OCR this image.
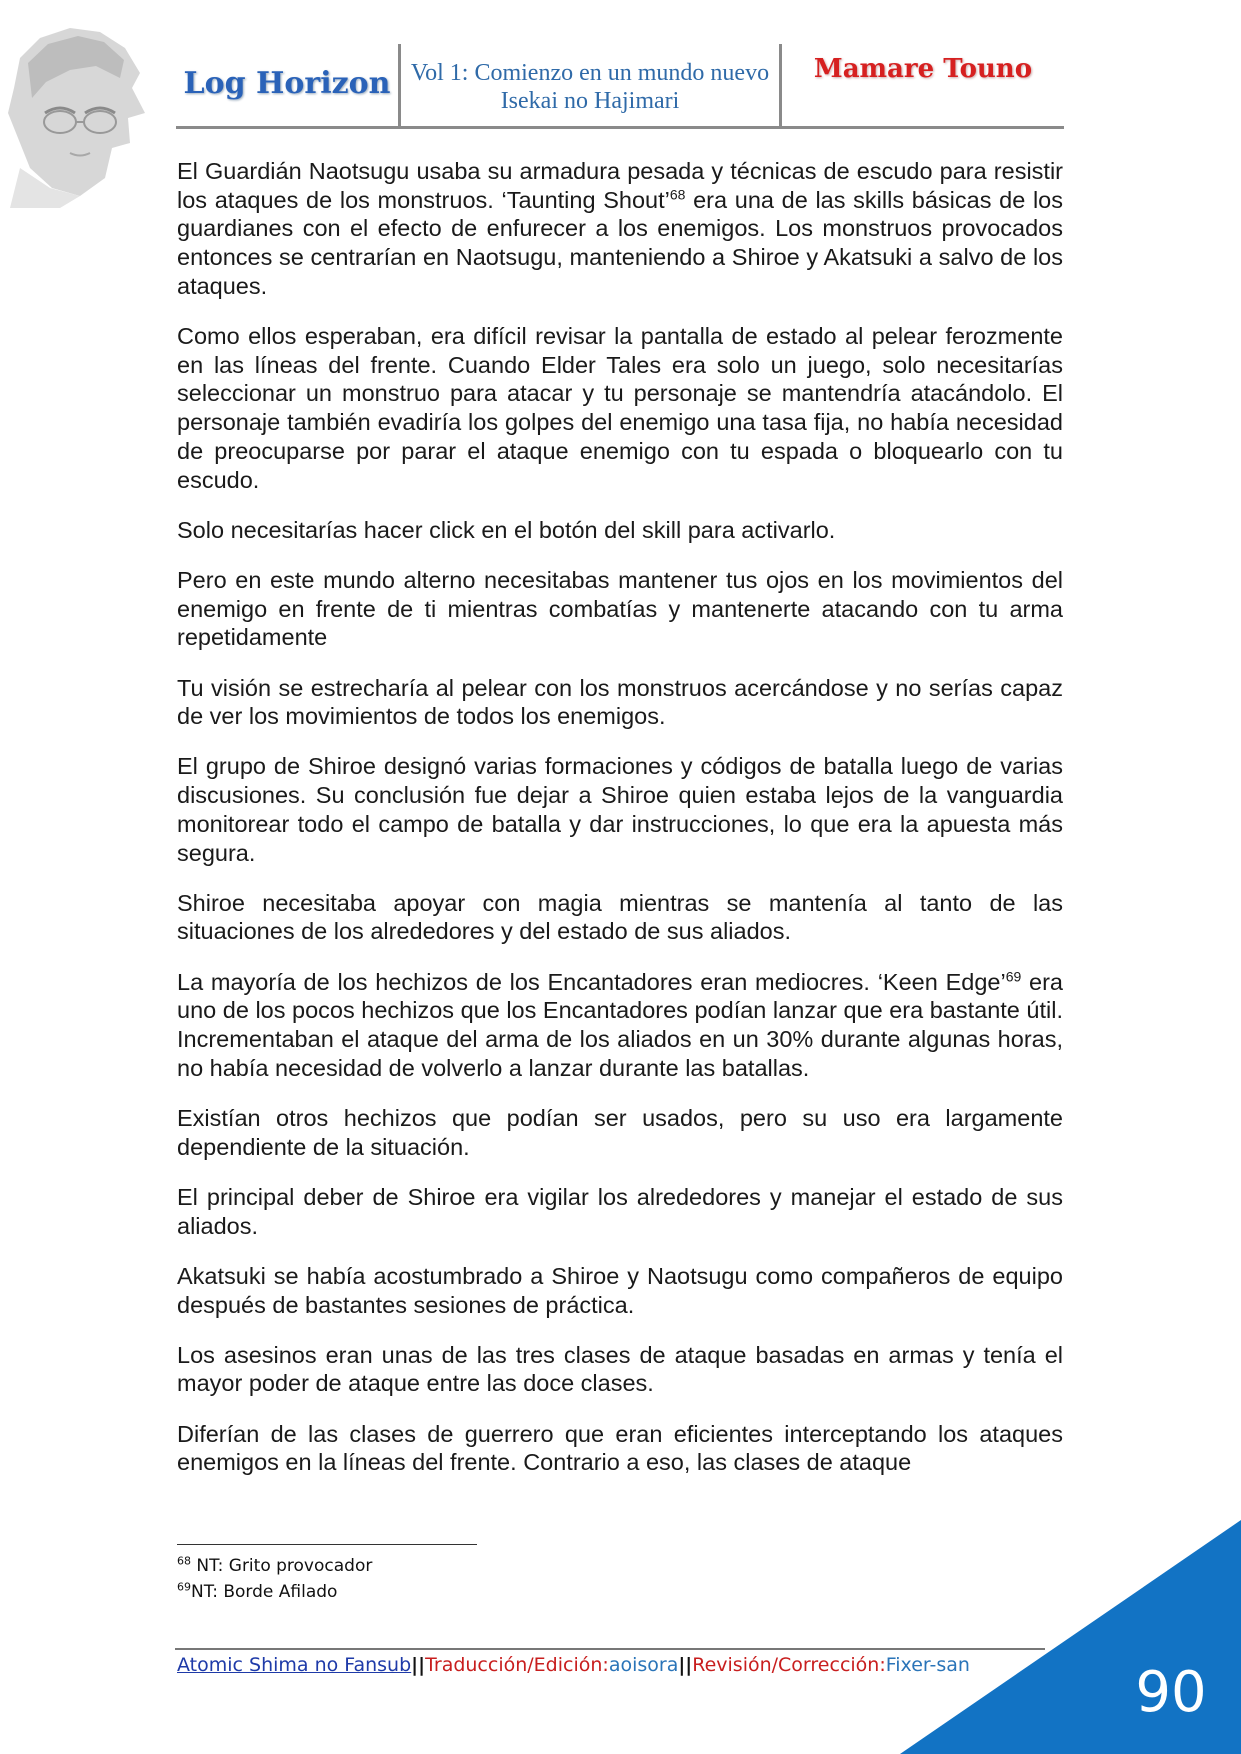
Log Horizon Vol 1: Comienzo en un mundo nuevo
Isekai no Hajimari
Mamare Touno

El Guardián Naotsugu usaba su armadura pesada y técnicas de escudo para resistir los ataques de los monstruos. ‘Taunting Shout’$^{68}$ era una de las skills básicas de los guardianes con el efecto de enfurecer a los enemigos. Los monstruos provocados entonces se centrarían en Naotsugu, manteniendo a Shiroe y Akatsuki a salvo de los ataques.

Como ellos esperaban, era difícil revisar la pantalla de estado al pelear ferozmente en las líneas del frente. Cuando Elder Tales era solo un juego, solo necesitarías seleccionar un monstruo para atacar y tu personaje se mantendría atacándolo. El personaje también evadiría los golpes del enemigo una tasa fija, no había necesidad de preocuparse por parar el ataque enemigo con tu espada o bloquearlo con tu escudo.

Solo necesitarías hacer click en el botón del skill para activarlo.

Pero en este mundo alterno necesitabas mantener tus ojos en los movimientos del enemigo en frente de ti mientras combatías y mantenerte atacando con tu arma repetidamente

Tu visión se estrecharía al pelear con los monstruos acercándose y no serías capaz de ver los movimientos de todos los enemigos.

El grupo de Shiroe designó varias formaciones y códigos de batalla luego de varias discusiones. Su conclusión fue dejar a Shiroe quien estaba lejos de la vanguardia monitorear todo el campo de batalla y dar instrucciones, lo que era la apuesta más segura.

Shiroe necesitaba apoyar con magia mientras se mantenía al tanto de las situaciones de los alrededores y del estado de sus aliados.

La mayoría de los hechizos de los Encantadores eran mediocres. ‘Keen Edge’$^{69}$ era uno de los pocos hechizos que los Encantadores podían lanzar que era bastante útil. Incrementaban el ataque del arma de los aliados en un 30% durante algunas horas, no había necesidad de volverlo a lanzar durante las batallas.

Existían otros hechizos que podían ser usados, pero su uso era largamente dependiente de la situación.

El principal deber de Shiroe era vigilar los alrededores y manejar el estado de sus aliados.

Akatsuki se había acostumbrado a Shiroe y Naotsugu como compañeros de equipo después de bastantes sesiones de práctica.

Los asesinos eran unas de las tres clases de ataque basadas en armas y tenía el mayor poder de ataque entre las doce clases.

Diferían de las clases de guerrero que eran eficientes interceptando los ataques enemigos en la líneas del frente. Contrario a eso, las clases de ataque

$^{68}$ NT: Grito provocador
$^{69}$NT: Borde Afilado
Atomic Shima no Fansub||Traducción/Edición:aoisora||Revisión/Corrección:Fixer-san	90
